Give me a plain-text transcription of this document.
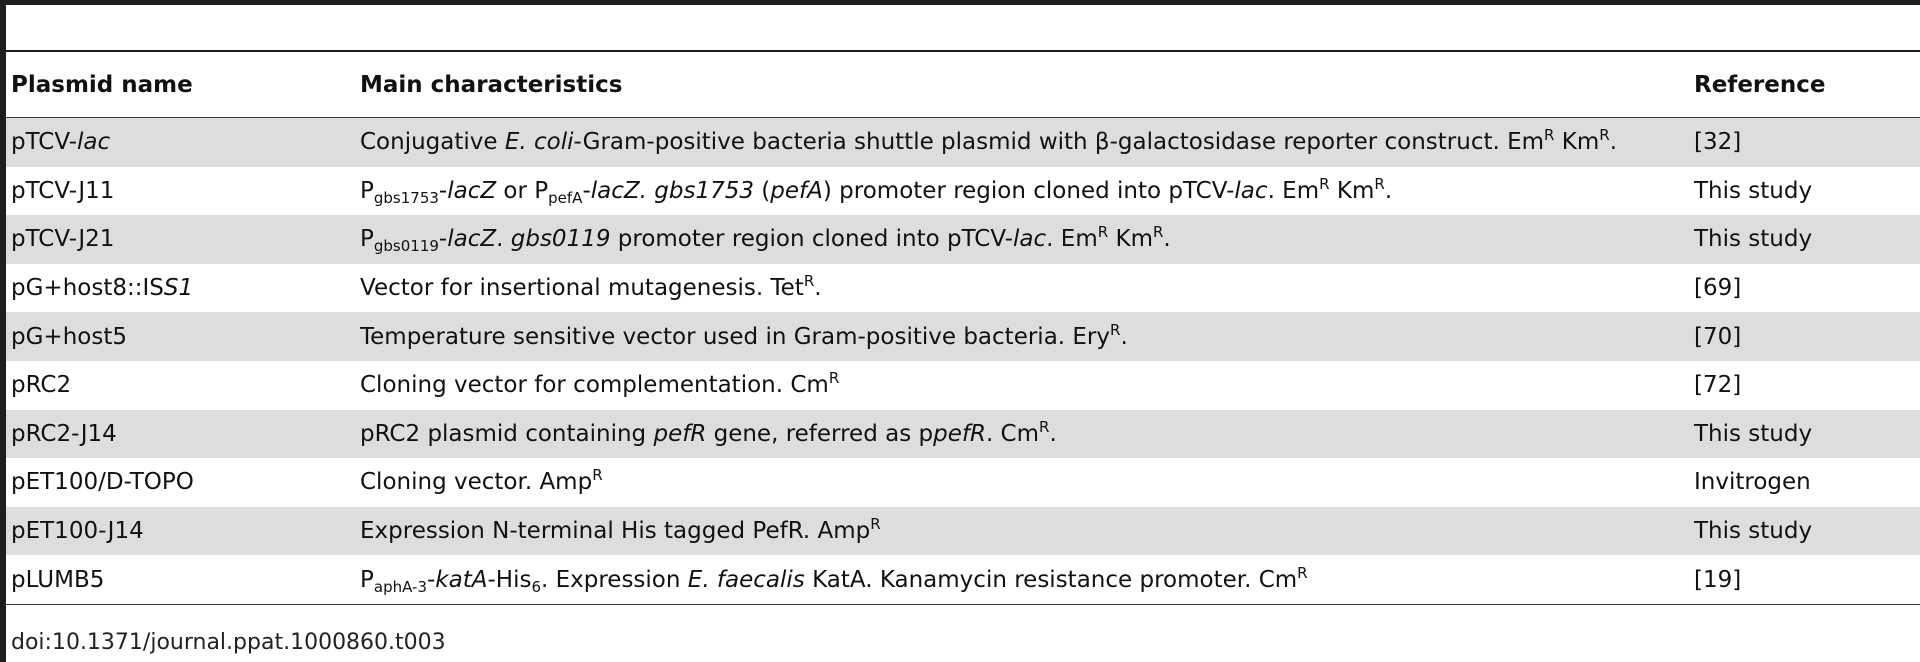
Plasmid name	Main characteristics	Reference
pTCV-lac	Conjugative E. coli-Gram-positive bacteria shuttle plasmid with β-galactosidase reporter construct. $Em^R$ $Km^R$.	[32]
pTCV-J11	$P_{gbs1753}$-lacZ or $P_{pefA}$-lacZ. gbs1753 (pefA) promoter region cloned into pTCV-lac. $Em^R$ $Km^R$.	This study
pTCV-J21	$P_{gbs0119}$-lacZ. gbs0119 promoter region cloned into pTCV-lac. $Em^R$ $Km^R$.	This study
pG+host8::ISS1	Vector for insertional mutagenesis. Tet$^R$.	[69]
pG+host5	Temperature sensitive vector used in Gram-positive bacteria. Ery$^R$.	[70]
pRC2	Cloning vector for complementation. $Cm^R$	[72]
pRC2-J14	pRC2 plasmid containing pefR gene, referred as ppefR. $Cm^R$.	This study
pET100/D-TOPO	Cloning vector. Amp$^R$	Invitrogen
pET100-J14	Expression N-terminal His tagged PefR. Amp$^R$	This study
pLUMB5	$P_{aphA-3}-katA-His_6$. Expression E. faecalis KatA. Kanamycin resistance promoter. $Cm^R$	[19]
doi:10.1371/journal.ppat.1000860.t003
